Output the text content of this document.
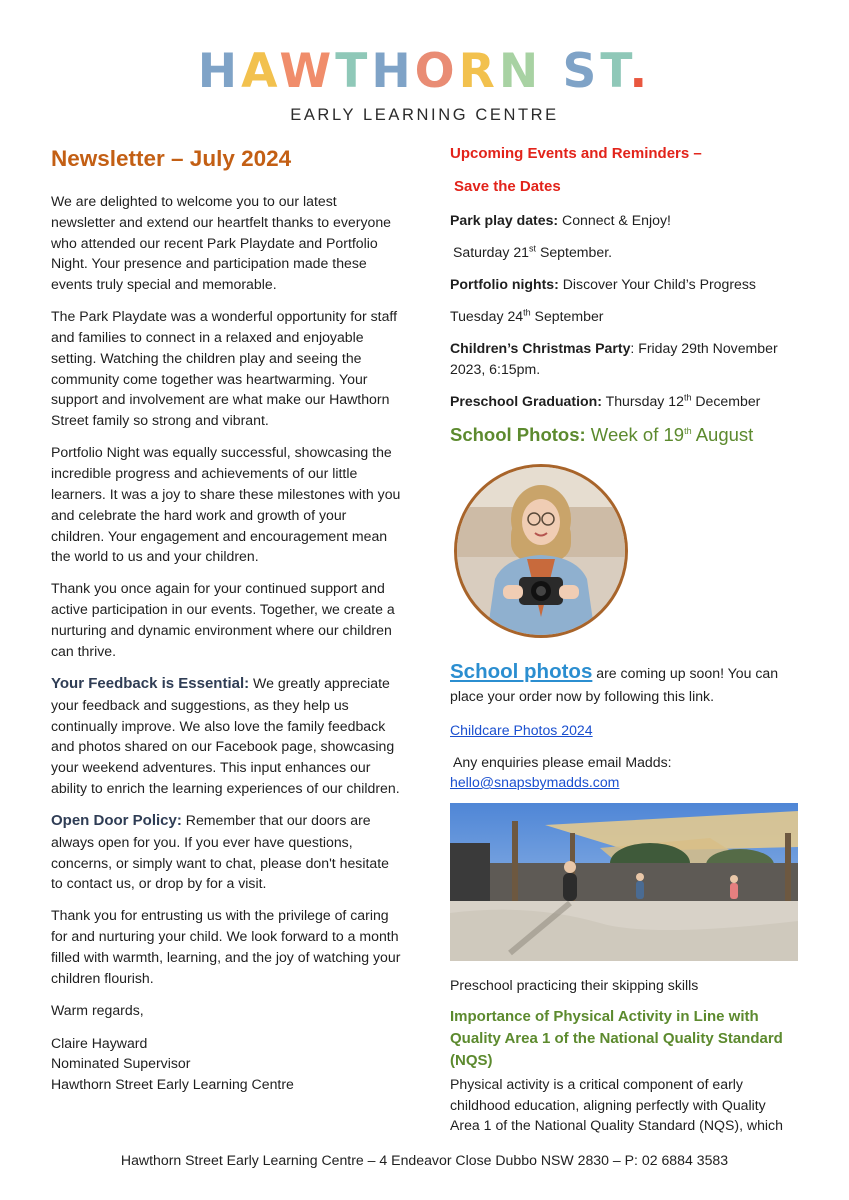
HAWTHORN ST.
EARLY LEARNING CENTRE
Newsletter – July 2024

We are delighted to welcome you to our latest newsletter and extend our heartfelt thanks to everyone who attended our recent Park Playdate and Portfolio Night. Your presence and participation made these events truly special and memorable.

The Park Playdate was a wonderful opportunity for staff and families to connect in a relaxed and enjoyable setting. Watching the children play and seeing the community come together was heartwarming. Your support and involvement are what make our Hawthorn Street family so strong and vibrant.

Portfolio Night was equally successful, showcasing the incredible progress and achievements of our little learners. It was a joy to share these milestones with you and celebrate the hard work and growth of your children. Your engagement and encouragement mean the world to us and your children.

Thank you once again for your continued support and active participation in our events. Together, we create a nurturing and dynamic environment where our children can thrive.

Your Feedback is Essential: We greatly appreciate your feedback and suggestions, as they help us continually improve. We also love the family feedback and photos shared on our Facebook page, showcasing your weekend adventures. This input enhances our ability to enrich the learning experiences of our children.

Open Door Policy: Remember that our doors are always open for you. If you ever have questions, concerns, or simply want to chat, please don't hesitate to contact us, or drop by for a visit.

Thank you for entrusting us with the privilege of caring for and nurturing your child. We look forward to a month filled with warmth, learning, and the joy of watching your children flourish.

Warm regards,

Claire Hayward
Nominated Supervisor
Hawthorn Street Early Learning Centre
Upcoming Events and Reminders –
Save the Dates
Park play dates: Connect & Enjoy!
Saturday 21st September.
Portfolio nights: Discover Your Child’s Progress
Tuesday 24th September
Children’s Christmas Party: Friday 29th November 2023, 6:15pm.
Preschool Graduation: Thursday 12th December
School Photos: Week of 19th August
School photos are coming up soon! You can place your order now by following this link.
Childcare Photos 2024
Any enquiries please email Madds:
hello@snapsbymadds.com
Preschool practicing their skipping skills
Importance of Physical Activity in Line with Quality Area 1 of the National Quality Standard (NQS)
Physical activity is a critical component of early childhood education, aligning perfectly with Quality Area 1 of the National Quality Standard (NQS), which
Hawthorn Street Early Learning Centre – 4 Endeavor Close Dubbo NSW 2830 – P: 02 6884 3583
